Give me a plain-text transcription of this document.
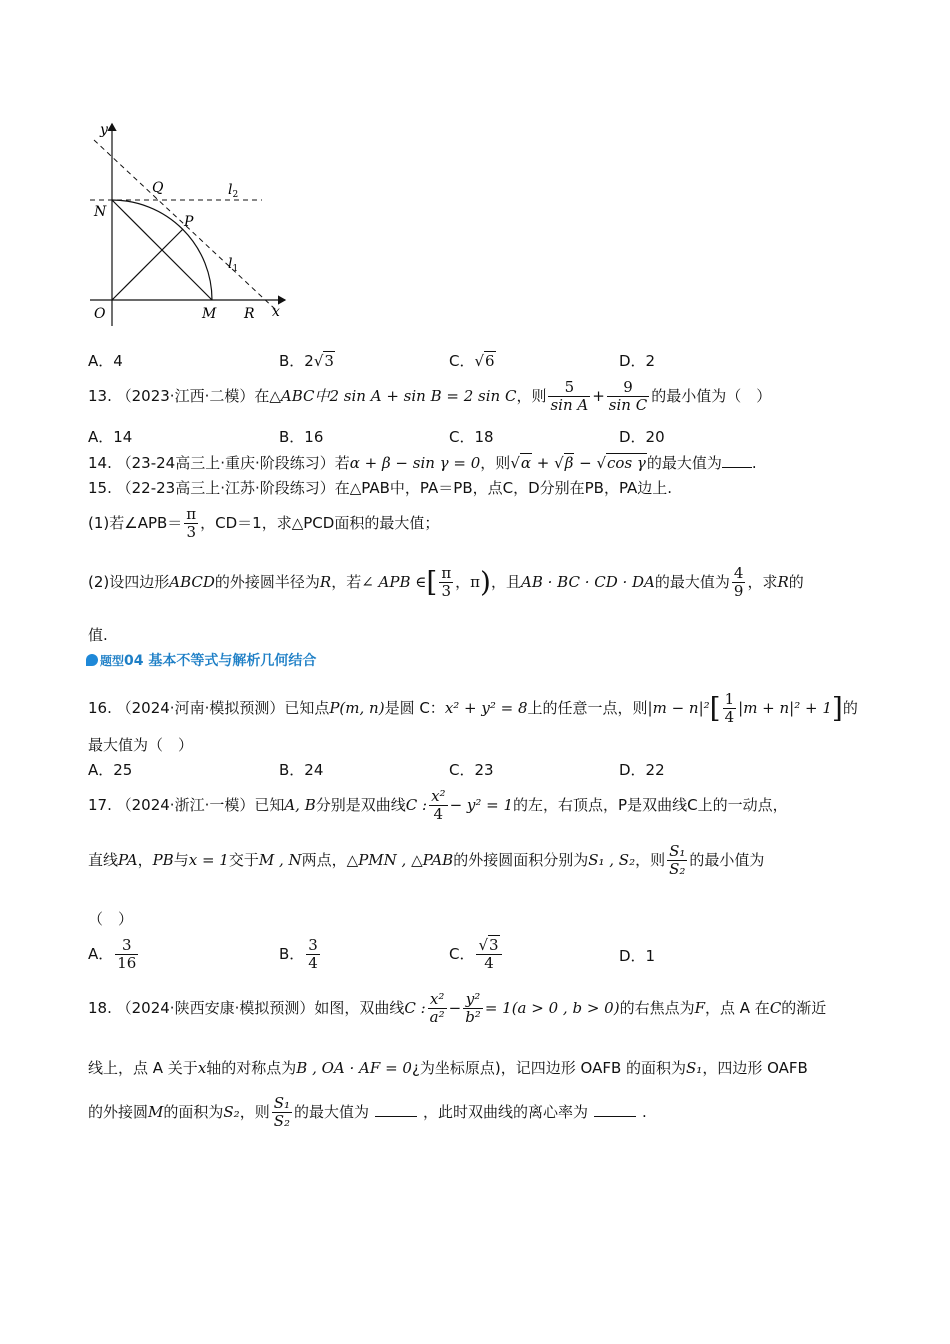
y
x
O
Q
N
P
M R
$l_2$
$l_1$
A．4	B．2√3	C．√6	D．2
13. （2023·江西·二模）在△ABC中2 sin A + sin B = 2 sin C，则 $\frac{5}{\text{sin A}} + \frac{9}{\text{sin C}}$ 的最小值为（　）
A．14	B．16	C．18	D．20
14. （23-24高三上·重庆·阶段练习）若α + β − sin γ = 0，则√α + √β − √cos γ的最大值为 .
15. （22-23高三上·江苏·阶段练习）在△PAB中，PA＝PB，点C，D分别在PB，PA边上.
(1)若∠APB＝ $\frac{\pi}{3}$ ，CD＝1，求△PCD面积的最大值；
(2)设四边形ABCD的外接圆半径为R，若∠ APB ∈[ $\frac{\pi}{3}$ ，π)，且AB · BC · CD · DA的最大值为 $\frac{4}{9}$ ，求R的
值.
题型04 基本不等式与解析几何结合
16. （2024·河南·模拟预测）已知点P(m, n)是圆 C：x² + y² = 8上的任意一点，则$|m - n|^2[ \frac{1}{4} |m + n|^2 + 1]$的
最大值为（　）
A．25	B．24	C．23	D．22
17. （2024·浙江·一模）已知A, B分别是双曲线C : $\frac{\text{x²}}{4} - y^2 = 1$的左，右顶点，P是双曲线C上的一动点，
直线PA，PB与x = 1交于M , N两点，△PMN , △PAB的外接圆面积分别为S₁ , S₂，则 $\frac{\text{S₁}}{\text{S₂}}$ 的最小值为
（　）
A． $\frac{3}{16}$	B． $\frac{3}{4}$	C． $\frac{√3}{4}$	D．1
18. （2024·陕西安康·模拟预测）如图，双曲线C : $\frac{\text{x²}}{\text{a²}} - \frac{\text{y²}}{\text{b²}} = 1(a > 0$ , b > 0)的右焦点为F，点 A 在C的渐近
线上，点 A 关于x轴的对称点为B , OA · AF = 0¿为坐标原点)，记四边形 OAFB 的面积为S₁，四边形 OAFB
的外接圆M的面积为S₂，则 $\frac{\text{S₁}}{\text{S₂}}$ 的最大值为	，此时双曲线的离心率为	.
